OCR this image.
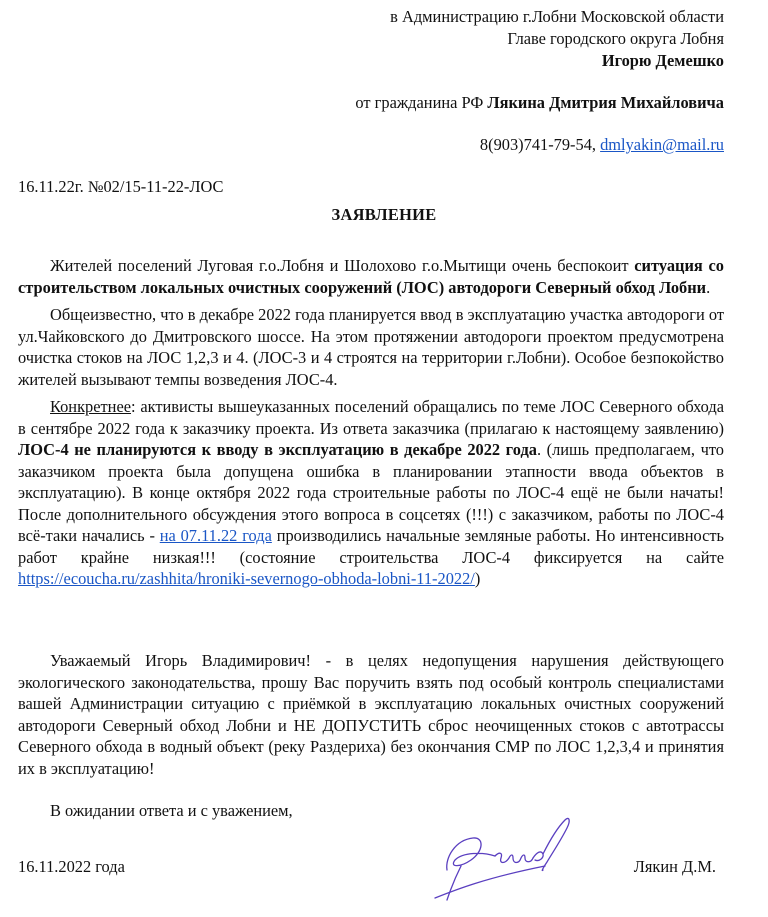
в Администрацию г.Лобни Московской области
Главе городского округа Лобня
Игорю Демешко
от гражданина РФ Лякина Дмитрия Михайловича
8(903)741-79-54, dmlyakin@mail.ru
16.11.22г. №02/15-11-22-ЛОС
ЗАЯВЛЕНИЕ

Жителей поселений Луговая г.о.Лобня и Шолохово г.о.Мытищи очень беспокоит ситуация со строительством локальных очистных сооружений (ЛОС) автодороги Северный обход Лобни.

Общеизвестно, что в декабре 2022 года планируется ввод в эксплуатацию участка автодороги от ул.Чайковского до Дмитровского шоссе. На этом протяжении автодороги проектом предусмотрена очистка стоков на ЛОС 1,2,3 и 4. (ЛОС-3 и 4 строятся на территории г.Лобни). Особое безпокойство жителей вызывают темпы возведения ЛОС-4.

Конкретнее: активисты вышеуказанных поселений обращались по теме ЛОС Северного обхода в сентябре 2022 года к заказчику проекта. Из ответа заказчика (прилагаю к настоящему заявлению) ЛОС-4 не планируются к вводу в эксплуатацию в декабре 2022 года. (лишь предполагаем, что заказчиком проекта была допущена ошибка в планировании этапности ввода объектов в эксплуатацию). В конце октября 2022 года строительные работы по ЛОС-4 ещё не были начаты! После дополнительного обсуждения этого вопроса в соцсетях (!!!) с заказчиком, работы по ЛОС-4 всё-таки начались - на 07.11.22 года производились начальные земляные работы. Но интенсивность работ крайне низкая!!! (состояние строительства ЛОС-4 фиксируется на сайте https://ecoucha.ru/zashhita/hroniki-severnogo-obhoda-lobni-11-2022/)

Уважаемый Игорь Владимирович! - в целях недопущения нарушения действующего экологического законодательства, прошу Вас поручить взять под особый контроль специалистами вашей Администрации ситуацию с приёмкой в эксплуатацию локальных очистных сооружений автодороги Северный обход Лобни и НЕ ДОПУСТИТЬ сброс неочищенных стоков с автотрассы Северного обхода в водный объект (реку Раздериха) без окончания СМР по ЛОС 1,2,3,4 и принятия их в эксплуатацию!

В ожидании ответа и с уважением,
16.11.2022 года	Лякин Д.М.
